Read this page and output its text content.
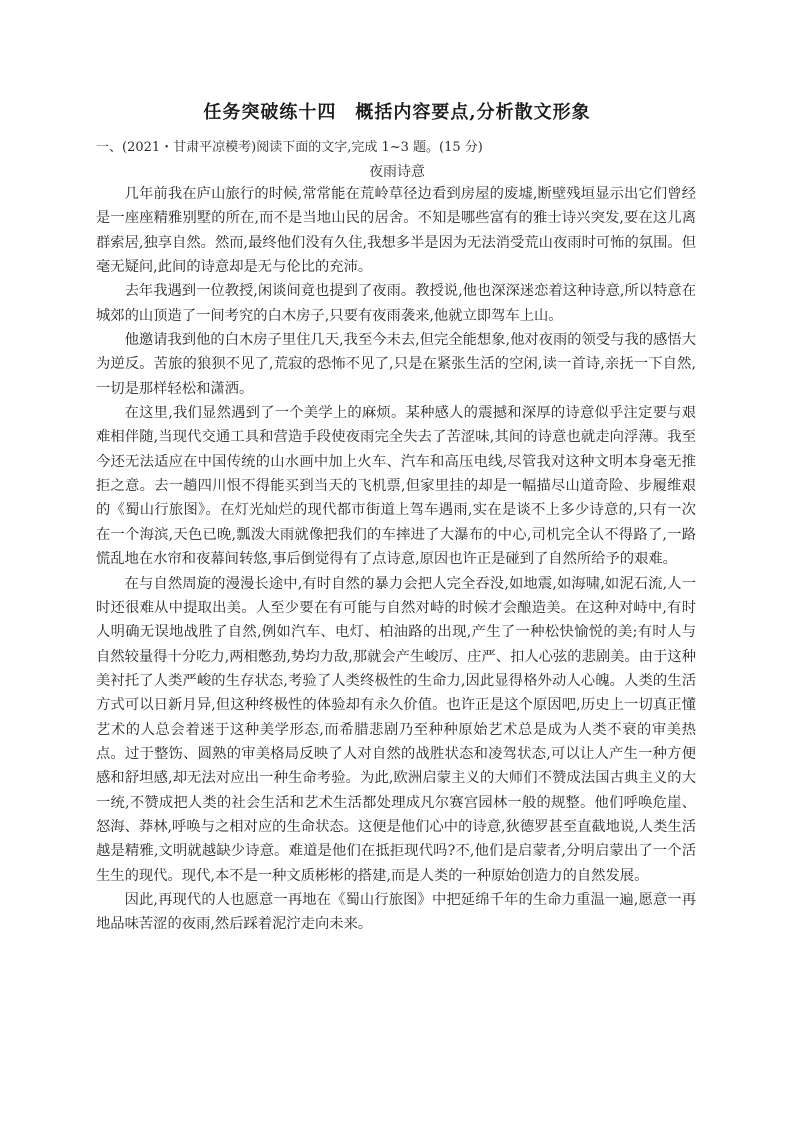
任务突破练十四　概括内容要点,分析散文形象
一、(2021・甘肃平凉模考)阅读下面的文字,完成 1~3 题。(15 分)
夜雨诗意

几年前我在庐山旅行的时候,常常能在荒岭草径边看到房屋的废墟,断壁残垣显示出它们曾经是一座座精雅别墅的所在,而不是当地山民的居舍。不知是哪些富有的雅士诗兴突发,要在这儿离群索居,独享自然。然而,最终他们没有久住,我想多半是因为无法消受荒山夜雨时可怖的氛围。但毫无疑问,此间的诗意却是无与伦比的充沛。

去年我遇到一位教授,闲谈间竟也提到了夜雨。教授说,他也深深迷恋着这种诗意,所以特意在城郊的山顶造了一间考究的白木房子,只要有夜雨袭来,他就立即驾车上山。

他邀请我到他的白木房子里住几天,我至今未去,但完全能想象,他对夜雨的领受与我的感悟大为逆反。苦旅的狼狈不见了,荒寂的恐怖不见了,只是在紧张生活的空闲,读一首诗,亲抚一下自然,一切是那样轻松和潇洒。

在这里,我们显然遇到了一个美学上的麻烦。某种感人的震撼和深厚的诗意似乎注定要与艰难相伴随,当现代交通工具和营造手段使夜雨完全失去了苦涩味,其间的诗意也就走向浮薄。我至今还无法适应在中国传统的山水画中加上火车、汽车和高压电线,尽管我对这种文明本身毫无推拒之意。去一趟四川恨不得能买到当天的飞机票,但家里挂的却是一幅描尽山道奇险、步履维艰的《蜀山行旅图》。在灯光灿烂的现代都市街道上驾车遇雨,实在是谈不上多少诗意的,只有一次在一个海滨,天色已晚,瓢泼大雨就像把我们的车摔进了大瀑布的中心,司机完全认不得路了,一路慌乱地在水帘和夜幕间转悠,事后倒觉得有了点诗意,原因也许正是碰到了自然所给予的艰难。

在与自然周旋的漫漫长途中,有时自然的暴力会把人完全吞没,如地震,如海啸,如泥石流,人一时还很难从中提取出美。人至少要在有可能与自然对峙的时候才会酿造美。在这种对峙中,有时人明确无误地战胜了自然,例如汽车、电灯、柏油路的出现,产生了一种松快愉悦的美;有时人与自然较量得十分吃力,两相憋劲,势均力敌,那就会产生峻厉、庄严、扣人心弦的悲剧美。由于这种美衬托了人类严峻的生存状态,考验了人类终极性的生命力,因此显得格外动人心魄。人类的生活方式可以日新月异,但这种终极性的体验却有永久价值。也许正是这个原因吧,历史上一切真正懂艺术的人总会着迷于这种美学形态,而希腊悲剧乃至种种原始艺术总是成为人类不衰的审美热点。过于整饬、圆熟的审美格局反映了人对自然的战胜状态和凌驾状态,可以让人产生一种方便感和舒坦感,却无法对应出一种生命考验。为此,欧洲启蒙主义的大师们不赞成法国古典主义的大一统,不赞成把人类的社会生活和艺术生活都处理成凡尔赛宫园林一般的规整。他们呼唤危崖、怒海、莽林,呼唤与之相对应的生命状态。这便是他们心中的诗意,狄德罗甚至直截地说,人类生活越是精雅,文明就越缺少诗意。难道是他们在抵拒现代吗?不,他们是启蒙者,分明启蒙出了一个活生生的现代。现代,本不是一种文质彬彬的搭建,而是人类的一种原始创造力的自然发展。

因此,再现代的人也愿意一再地在《蜀山行旅图》中把延绵千年的生命力重温一遍,愿意一再地品味苦涩的夜雨,然后踩着泥泞走向未来。
